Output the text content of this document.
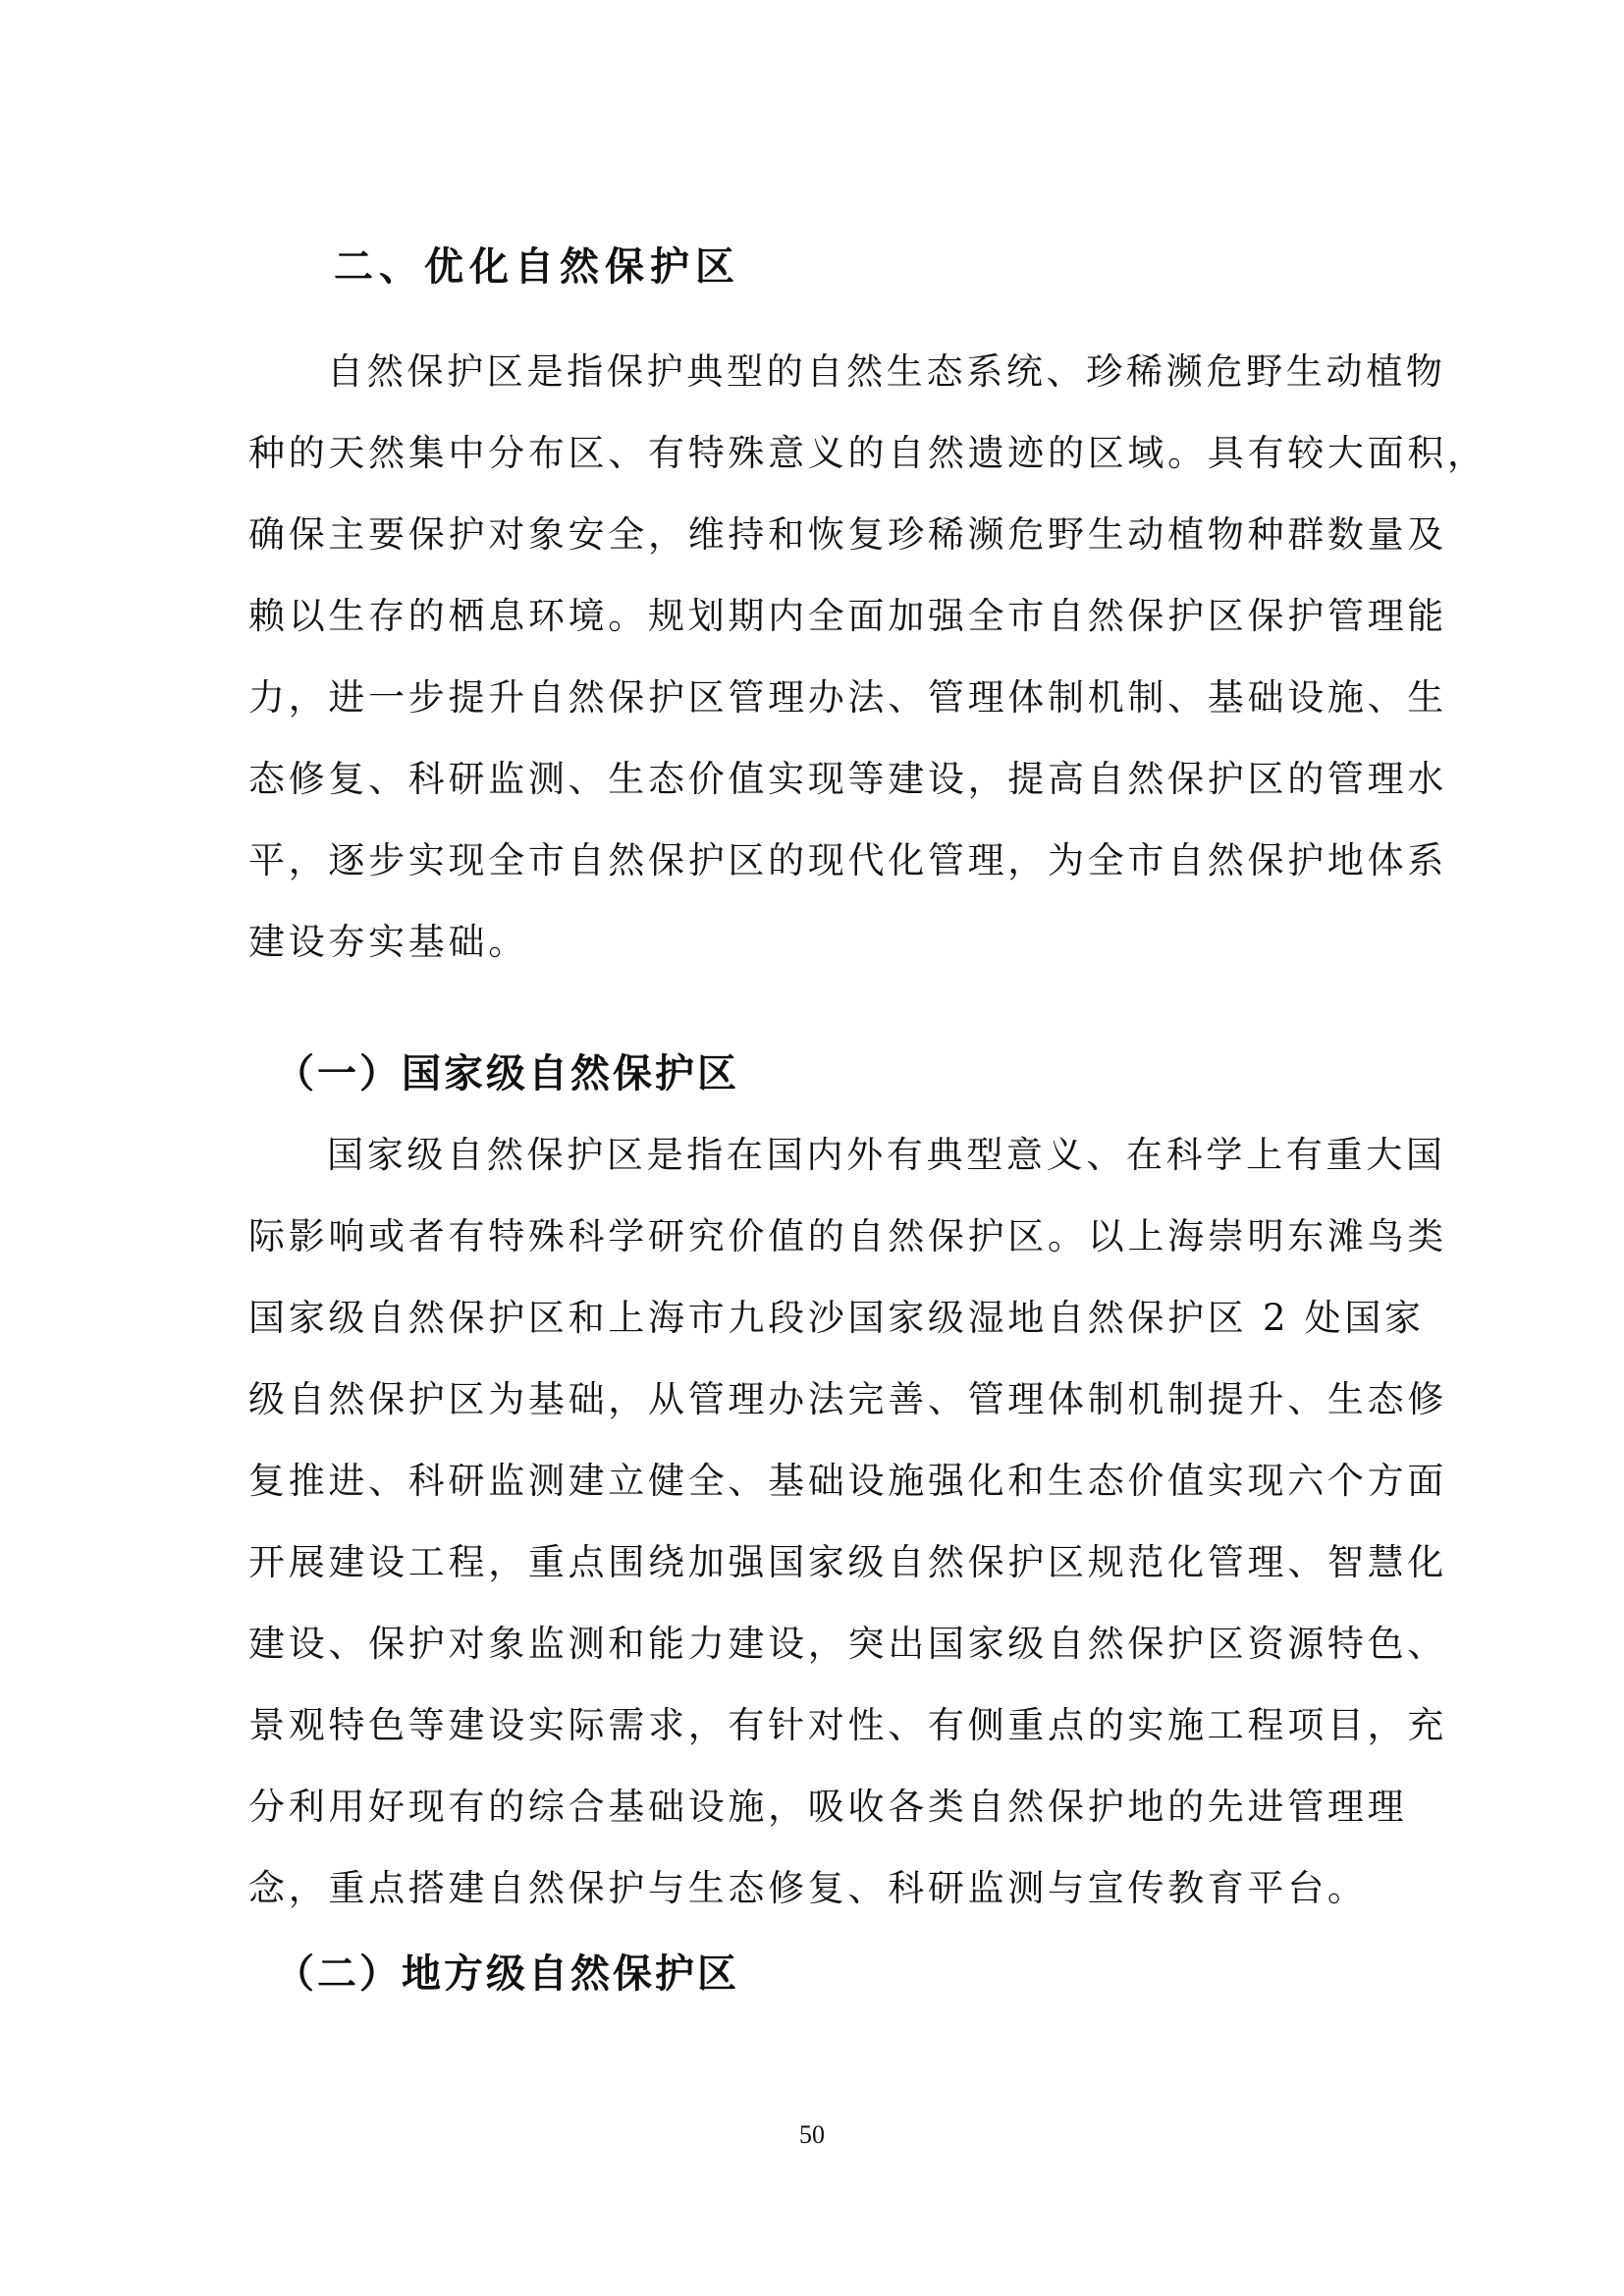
二、优化自然保护区
自然保护区是指保护典型的自然生态系统、珍稀濒危野生动植物
种的天然集中分布区、有特殊意义的自然遗迹的区域。具有较大面积，
确保主要保护对象安全，维持和恢复珍稀濒危野生动植物种群数量及
赖以生存的栖息环境。规划期内全面加强全市自然保护区保护管理能
力，进一步提升自然保护区管理办法、管理体制机制、基础设施、生
态修复、科研监测、生态价值实现等建设，提高自然保护区的管理水
平，逐步实现全市自然保护区的现代化管理，为全市自然保护地体系
建设夯实基础。
（一）国家级自然保护区
国家级自然保护区是指在国内外有典型意义、在科学上有重大国
际影响或者有特殊科学研究价值的自然保护区。以上海崇明东滩鸟类
国家级自然保护区和上海市九段沙国家级湿地自然保护区 2 处国家
级自然保护区为基础，从管理办法完善、管理体制机制提升、生态修
复推进、科研监测建立健全、基础设施强化和生态价值实现六个方面
开展建设工程，重点围绕加强国家级自然保护区规范化管理、智慧化
建设、保护对象监测和能力建设，突出国家级自然保护区资源特色、
景观特色等建设实际需求，有针对性、有侧重点的实施工程项目，充
分利用好现有的综合基础设施，吸收各类自然保护地的先进管理理
念，重点搭建自然保护与生态修复、科研监测与宣传教育平台。
（二）地方级自然保护区
50
